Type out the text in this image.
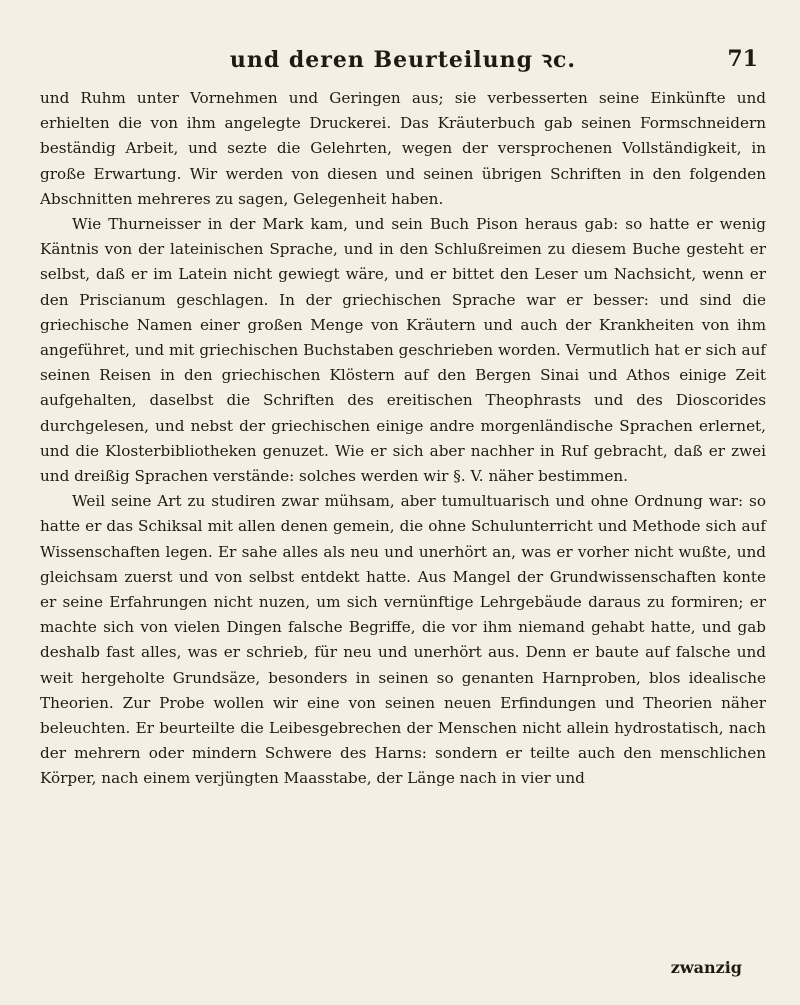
und deren Beurteilung ꝛc.	71

und Ruhm unter Vornehmen und Geringen aus; sie verbesserten seine Einkünfte und erhielten die von ihm angelegte Druckerei. Das Kräuterbuch gab seinen Formschneidern beständig Arbeit, und sezte die Gelehrten, wegen der versprochenen Vollständigkeit, in große Erwartung. Wir werden von diesen und seinen übrigen Schriften in den folgenden Abschnitten mehreres zu sagen, Gelegenheit haben.

Wie Thurneisser in der Mark kam, und sein Buch Pison heraus gab: so hatte er wenig Käntnis von der lateinischen Sprache, und in den Schlußreimen zu diesem Buche gesteht er selbst, daß er im Latein nicht gewiegt wäre, und er bittet den Leser um Nachsicht, wenn er den Priscianum geschlagen. In der griechischen Sprache war er besser: und sind die griechische Namen einer großen Menge von Kräutern und auch der Krankheiten von ihm angeführet, und mit griechischen Buchstaben geschrieben worden. Vermutlich hat er sich auf seinen Reisen in den griechischen Klöstern auf den Bergen Sinai und Athos einige Zeit aufgehalten, daselbst die Schriften des ereitischen Theophrasts und des Dioscorides durchgelesen, und nebst der griechischen einige andre morgenländische Sprachen erlernet, und die Klosterbibliotheken genuzet. Wie er sich aber nachher in Ruf gebracht, daß er zwei und dreißig Sprachen verstände: solches werden wir §. V. näher bestimmen.

Weil seine Art zu studiren zwar mühsam, aber tumultuarisch und ohne Ordnung war: so hatte er das Schiksal mit allen denen gemein, die ohne Schulunterricht und Methode sich auf Wissenschaften legen. Er sahe alles als neu und unerhört an, was er vorher nicht wußte, und gleichsam zuerst und von selbst entdekt hatte. Aus Mangel der Grundwissenschaften konte er seine Erfahrungen nicht nuzen, um sich vernünftige Lehrgebäude daraus zu formiren; er machte sich von vielen Dingen falsche Begriffe, die vor ihm niemand gehabt hatte, und gab deshalb fast alles, was er schrieb, für neu und unerhört aus. Denn er baute auf falsche und weit hergeholte Grundsäze, besonders in seinen so genanten Harnproben, blos idealische Theorien. Zur Probe wollen wir eine von seinen neuen Erfindungen und Theorien näher beleuchten. Er beurteilte die Leibesgebrechen der Menschen nicht allein hydrostatisch, nach der mehrern oder mindern Schwere des Harns: sondern er teilte auch den menschlichen Körper, nach einem verjüngten Maasstabe, der Länge nach in vier und

zwanzig
